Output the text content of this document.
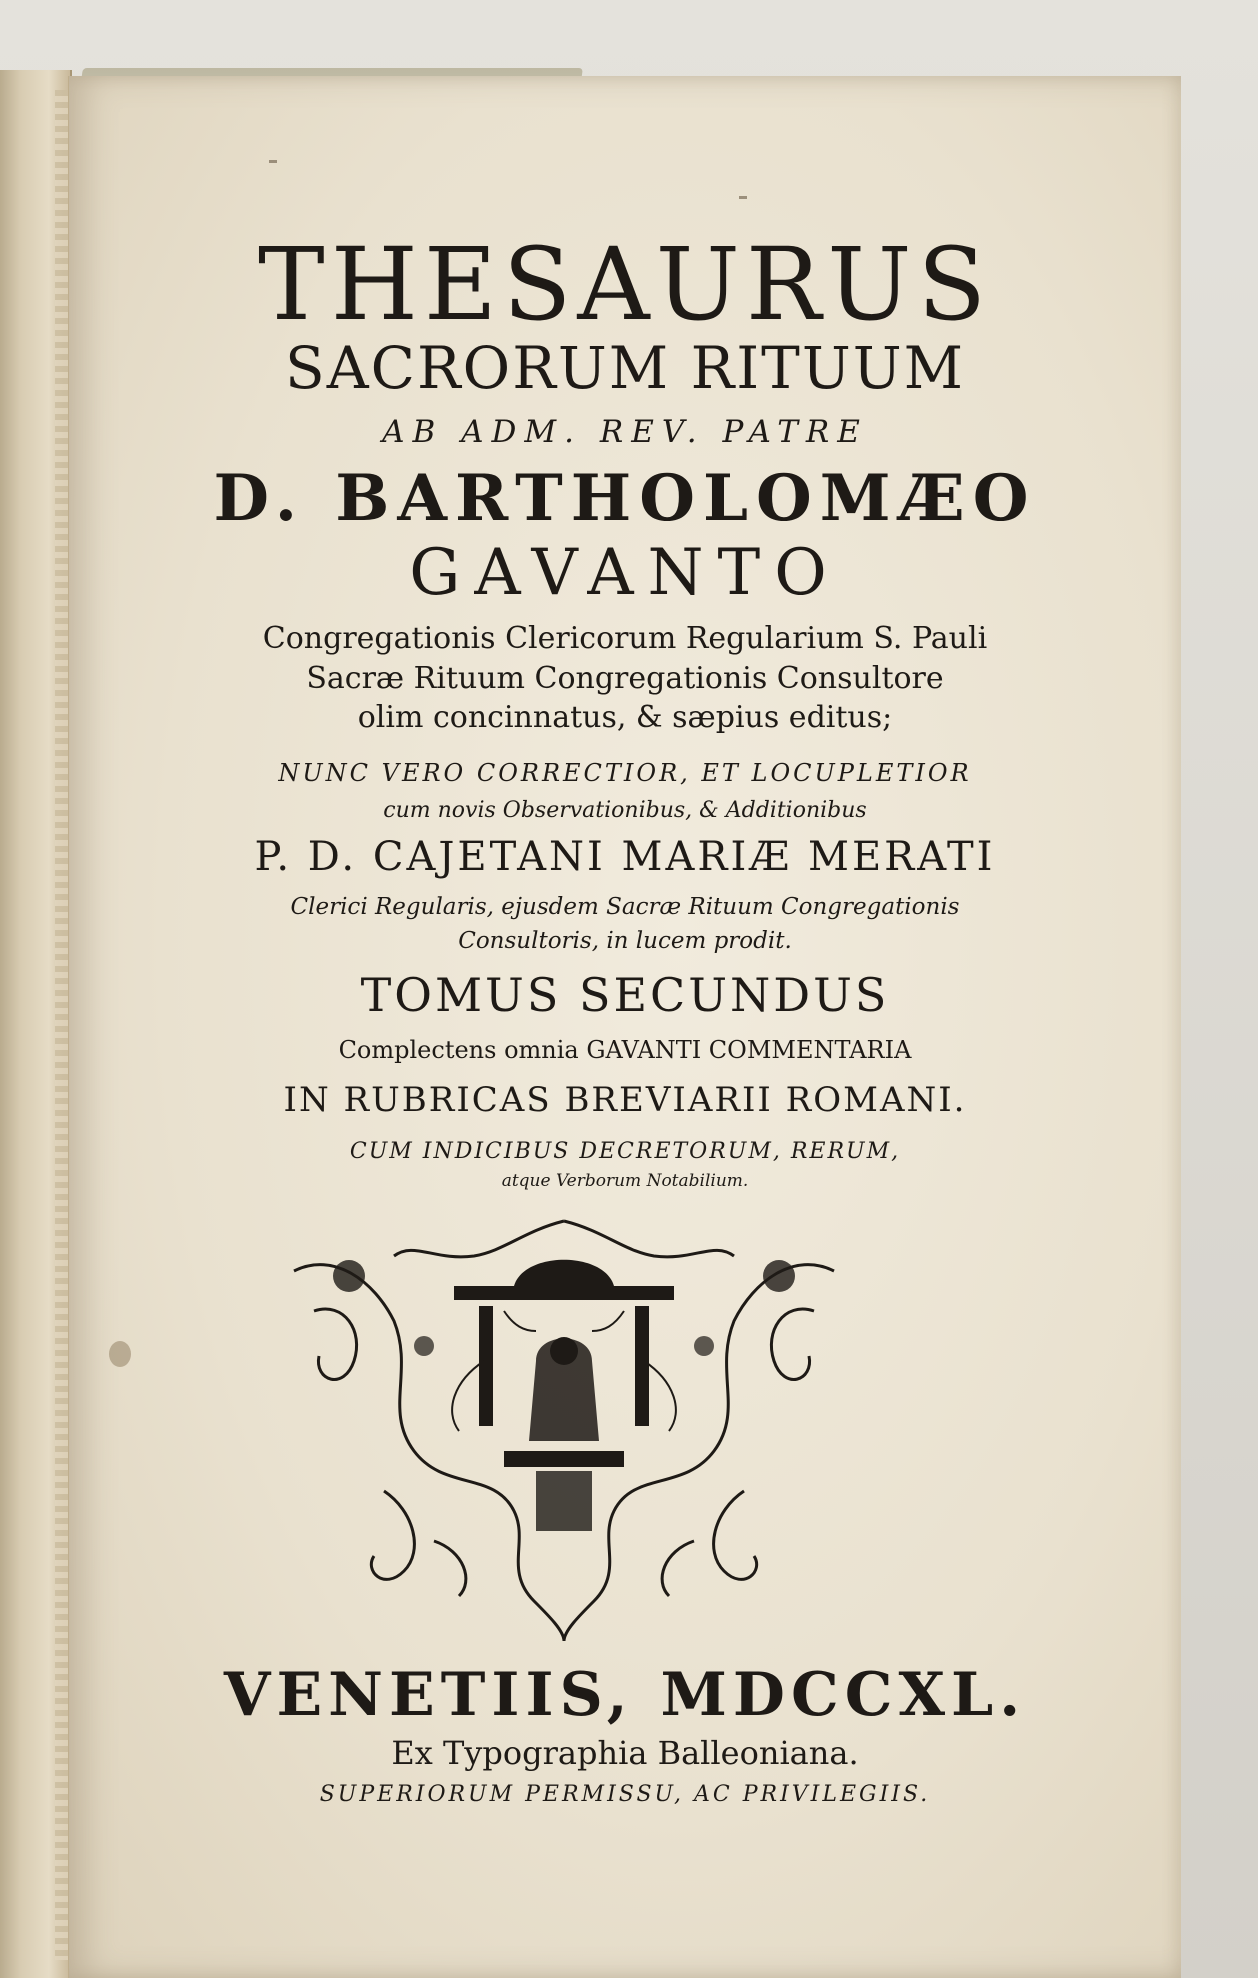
THESAURUS
SACRORUM RITUUM
AB ADM. REV. PATRE
D. BARTHOLOMÆO
GAVANTO
Congregationis Clericorum Regularium S. Pauli
Sacræ Rituum Congregationis Consultore
olim concinnatus, & sæpius editus;
NUNC VERO CORRECTIOR, ET LOCUPLETIOR
cum novis Observationibus, & Additionibus
P. D. CAJETANI MARIÆ MERATI
Clerici Regularis, ejusdem Sacræ Rituum Congregationis
Consultoris, in lucem prodit.
TOMUS SECUNDUS
Complectens omnia GAVANTI COMMENTARIA
IN RUBRICAS BREVIARII ROMANI.
CUM INDICIBUS DECRETORUM, RERUM,
atque Verborum Notabilium.
VENETIIS, MDCCXL.
Ex Typographia Balleoniana.
SUPERIORUM PERMISSU, AC PRIVILEGIIS.
